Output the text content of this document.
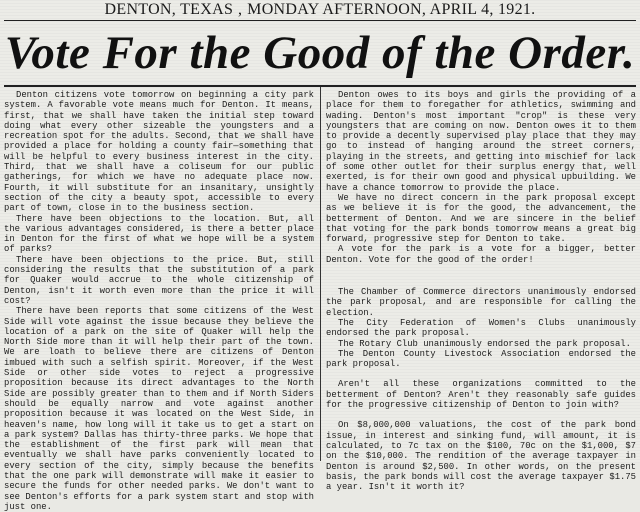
DENTON, TEXAS , MONDAY AFTERNOON, APRIL 4, 1921.
Vote For the Good of the Order.

Denton citizens vote tomorrow on beginning a city park system. A favorable vote means much for Denton. It means, first, that we shall have taken the initial step toward doing what every other sizeable the youngsters and a recreation spot for the adults. Second, that we shall have provided a place for holding a county fair—something that will be helpful to every business interest in the city. Third, that we shall have a coliseum for our public gatherings, for which we have no adequate place now. Fourth, it will substitute for an insanitary, unsightly section of the city a beauty spot, accessible to every part of town, close in to the business section.

There have been objections to the location. But, all the various advantages considered, is there a better place in Denton for the first of what we hope will be a system of parks?

There have been objections to the price. But, still considering the results that the substitution of a park for Quaker would accrue to the whole citizenship of Denton, isn't it worth even more than the price it will cost?

There have been reports that some citizens of the West Side will vote against the issue because they believe the location of a park on the site of Quaker will help the North Side more than it will help their part of the town. We are loath to believe there are citizens of Denton imbued with such a selfish spirit. Moreover, if the West Side or other side votes to reject a progressive proposition because its direct advantages to the North Side are possibly greater than to them and if North Siders should be equally narrow and vote against another proposition because it was located on the West Side, in heaven's name, how long will it take us to get a start on a park system? Dallas has thirty-three parks. We hope that the establishment of the first park will mean that eventually we shall have parks conveniently located to every section of the city, simply because the benefits that the one park will demonstrate will make it easier to secure the funds for other needed parks. We don't want to see Denton's efforts for a park system start and stop with just one.

Denton owes to its boys and girls the providing of a place for them to foregather for athletics, swimming and wading. Denton's most important "crop" is these very youngsters that are coming on now. Denton owes it to them to provide a decently supervised play place that they may go to instead of hanging around the street corners, playing in the streets, and getting into mischief for lack of some other outlet for their surplus energy that, well exerted, is for their own good and physical upbuilding. We have a chance tomorrow to provide the place.

We have no direct concern in the park proposal except as we believe it is for the good, the advancement, the betterment of Denton. And we are sincere in the belief that voting for the park bonds tomorrow means a great big forward, progressive step for Denton to take.

A vote for the park is a vote for a bigger, better Denton. Vote for the good of the order!

The Chamber of Commerce directors unanimously endorsed the park proposal, and are responsible for calling the election.

The City Federation of Women's Clubs unanimously endorsed the park proposal.

The Rotary Club unanimously endorsed the park proposal.

The Denton County Livestock Association endorsed the park proposal.

Aren't all these organizations committed to the betterment of Denton? Aren't they reasonably safe guides for the progressive citizenship of Denton to join with?

On $8,000,000 valuations, the cost of the park bond issue, in interest and sinking fund, will amount, it is calculated, to 7c tax on the $100, 70c on the $1,000, $7 on the $10,000. The rendition of the average taxpayer in Denton is around $2,500. In other words, on the present basis, the park bonds will cost the average taxpayer $1.75 a year. Isn't it worth it?
